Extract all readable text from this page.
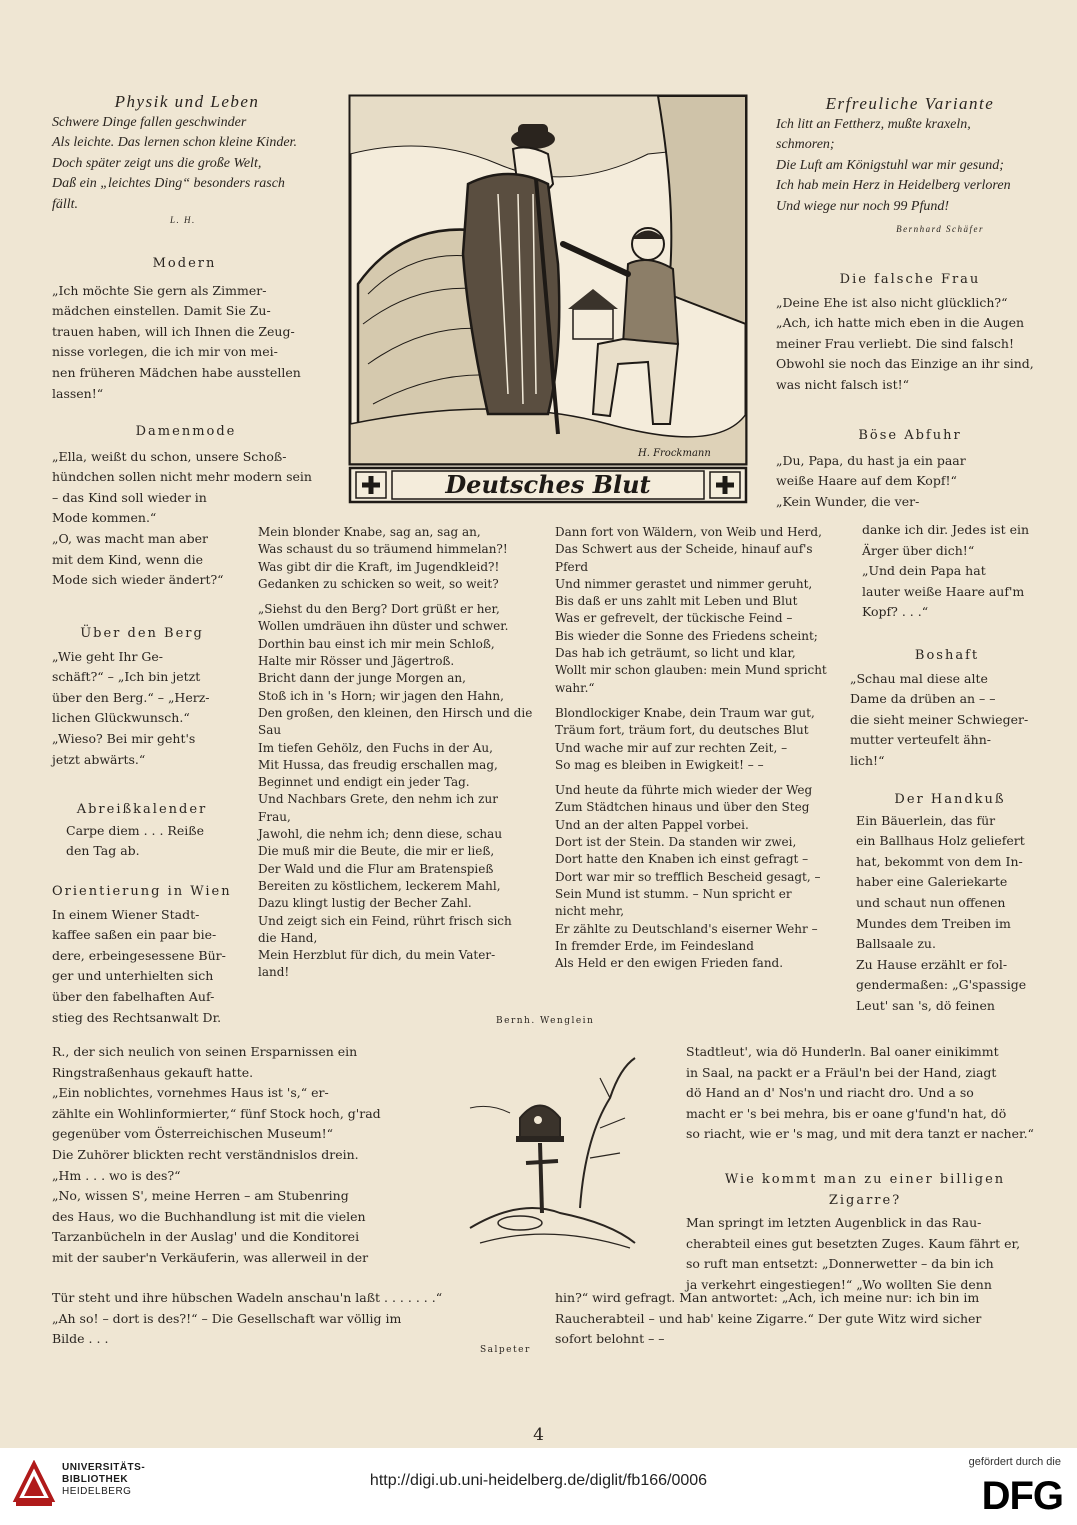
Physik und Leben

Schwere Dinge fallen geschwinder
Als leichte. Das lernen schon kleine Kinder.
Doch später zeigt uns die große Welt,
Daß ein „leichtes Ding“ besonders rasch
fällt.

L. H.

Modern

„Ich möchte Sie gern als Zimmer-
mädchen einstellen. Damit Sie Zu-
trauen haben, will ich Ihnen die Zeug-
nisse vorlegen, die ich mir von mei-
nen früheren Mädchen habe ausstellen
lassen!“

Damenmode

„Ella, weißt du schon, unsere Schoß-
hündchen sollen nicht mehr modern sein
– das Kind soll wieder in
Mode kommen.“
„O, was macht man aber
mit dem Kind, wenn die
Mode sich wieder ändert?“

Über den Berg

„Wie geht Ihr Ge-
schäft?“ – „Ich bin jetzt
über den Berg.“ – „Herz-
lichen Glückwunsch.“
„Wieso? Bei mir geht's
jetzt abwärts.“

Abreißkalender

Carpe diem . . . Reiße
den Tag ab.

Orientierung in Wien

In einem Wiener Stadt-
kaffee saßen ein paar bie-
dere, erbeingesessene Bür-
ger und unterhielten sich
über den fabelhaften Auf-
stieg des Rechtsanwalt Dr.

R., der sich neulich von seinen Ersparnissen ein
Ringstraßenhaus gekauft hatte.
„Ein noblichtes, vornehmes Haus ist 's,“ er-
zählte ein Wohlinformierter,“ fünf Stock hoch, g'rad
gegenüber vom Österreichischen Museum!“
Die Zuhörer blickten recht verständnislos drein.
„Hm . . . wo is des?“
„No, wissen S', meine Herren – am Stubenring
des Haus, wo die Buchhandlung ist mit die vielen
Tarzanbücheln in der Auslag' und die Konditorei
mit der sauber'n Verkäuferin, was allerweil in der

Tür steht und ihre hübschen Wadeln anschau'n laßt . . . . . . .“
„Ah so! – dort is des?!“ – Die Gesellschaft war völlig im
Bilde . . .

Salpeter
H. Frockmann
Deutsches Blut

Mein blonder Knabe, sag an, sag an,
Was schaust du so träumend himmelan?!
Was gibt dir die Kraft, im Jugendkleid?!
Gedanken zu schicken so weit, so weit?

„Siehst du den Berg? Dort grüßt er her,
Wollen umdräuen ihn düster und schwer.
Dorthin bau einst ich mir mein Schloß,
Halte mir Rösser und Jägertroß.
Bricht dann der junge Morgen an,
Stoß ich in 's Horn; wir jagen den Hahn,
Den großen, den kleinen, den Hirsch und die
Sau
Im tiefen Gehölz, den Fuchs in der Au,
Mit Hussa, das freudig erschallen mag,
Beginnet und endigt ein jeder Tag.
Und Nachbars Grete, den nehm ich zur
Frau,
Jawohl, die nehm ich; denn diese, schau
Die muß mir die Beute, die mir er ließ,
Der Wald und die Flur am Bratenspieß
Bereiten zu köstlichem, leckerem Mahl,
Dazu klingt lustig der Becher Zahl.
Und zeigt sich ein Feind, rührt frisch sich
die Hand,
Mein Herzblut für dich, du mein Vater-
land!

Dann fort von Wäldern, von Weib und Herd,
Das Schwert aus der Scheide, hinauf auf's
Pferd
Und nimmer gerastet und nimmer geruht,
Bis daß er uns zahlt mit Leben und Blut
Was er gefrevelt, der tückische Feind –
Bis wieder die Sonne des Friedens scheint;
Das hab ich geträumt, so licht und klar,
Wollt mir schon glauben: mein Mund spricht
wahr.“

Blondlockiger Knabe, dein Traum war gut,
Träum fort, träum fort, du deutsches Blut
Und wache mir auf zur rechten Zeit, –
So mag es bleiben in Ewigkeit! – –

Und heute da führte mich wieder der Weg
Zum Städtchen hinaus und über den Steg
Und an der alten Pappel vorbei.
Dort ist der Stein. Da standen wir zwei,
Dort hatte den Knaben ich einst gefragt –
Dort war mir so trefflich Bescheid gesagt, –
Sein Mund ist stumm. – Nun spricht er
nicht mehr,
Er zählte zu Deutschland's eiserner Wehr –
In fremder Erde, im Feindesland
Als Held er den ewigen Frieden fand.

Bernh. Wenglein

Erfreuliche Variante

Ich litt an Fettherz, mußte kraxeln,
schmoren;
Die Luft am Königstuhl war mir gesund;
Ich hab mein Herz in Heidelberg verloren
Und wiege nur noch 99 Pfund!

Bernhard Schäfer

Die falsche Frau

„Deine Ehe ist also nicht glücklich?“
„Ach, ich hatte mich eben in die Augen
meiner Frau verliebt. Die sind falsch!
Obwohl sie noch das Einzige an ihr sind,
was nicht falsch ist!“

Böse Abfuhr

„Du, Papa, du hast ja ein paar
weiße Haare auf dem Kopf!“
„Kein Wunder, die ver-

danke ich dir. Jedes ist ein
Ärger über dich!“
„Und dein Papa hat
lauter weiße Haare auf'm
Kopf? . . .“

Boshaft

„Schau mal diese alte
Dame da drüben an – –
die sieht meiner Schwieger-
mutter verteufelt ähn-
lich!“

Der Handkuß

Ein Bäuerlein, das für
ein Ballhaus Holz geliefert
hat, bekommt von dem In-
haber eine Galeriekarte
und schaut nun offenen
Mundes dem Treiben im
Ballsaale zu.
Zu Hause erzählt er fol-
gendermaßen: „G'spassige
Leut' san 's, dö feinen

Stadtleut', wia dö Hunderln. Bal oaner einikimmt
in Saal, na packt er a Fräul'n bei der Hand, ziagt
dö Hand an d' Nos'n und riacht dro. Und a so
macht er 's bei mehra, bis er oane g'fund'n hat, dö
so riacht, wie er 's mag, und mit dera tanzt er nacher.“

Wie kommt man zu einer billigen Zigarre?

Man springt im letzten Augenblick in das Rau-
cherabteil eines gut besetzten Zuges. Kaum fährt er,
so ruft man entsetzt: „Donnerwetter – da bin ich
ja verkehrt eingestiegen!“ „Wo wollten Sie denn

hin?“ wird gefragt. Man antwortet: „Ach, ich meine nur: ich bin im
Raucherabteil – und hab' keine Zigarre.“ Der gute Witz wird sicher
sofort belohnt – –

4
UNIVERSITÄTS-
BIBLIOTHEK
HEIDELBERG
http://digi.ub.uni-heidelberg.de/diglit/fb166/0006
gefördert durch die
DFG
